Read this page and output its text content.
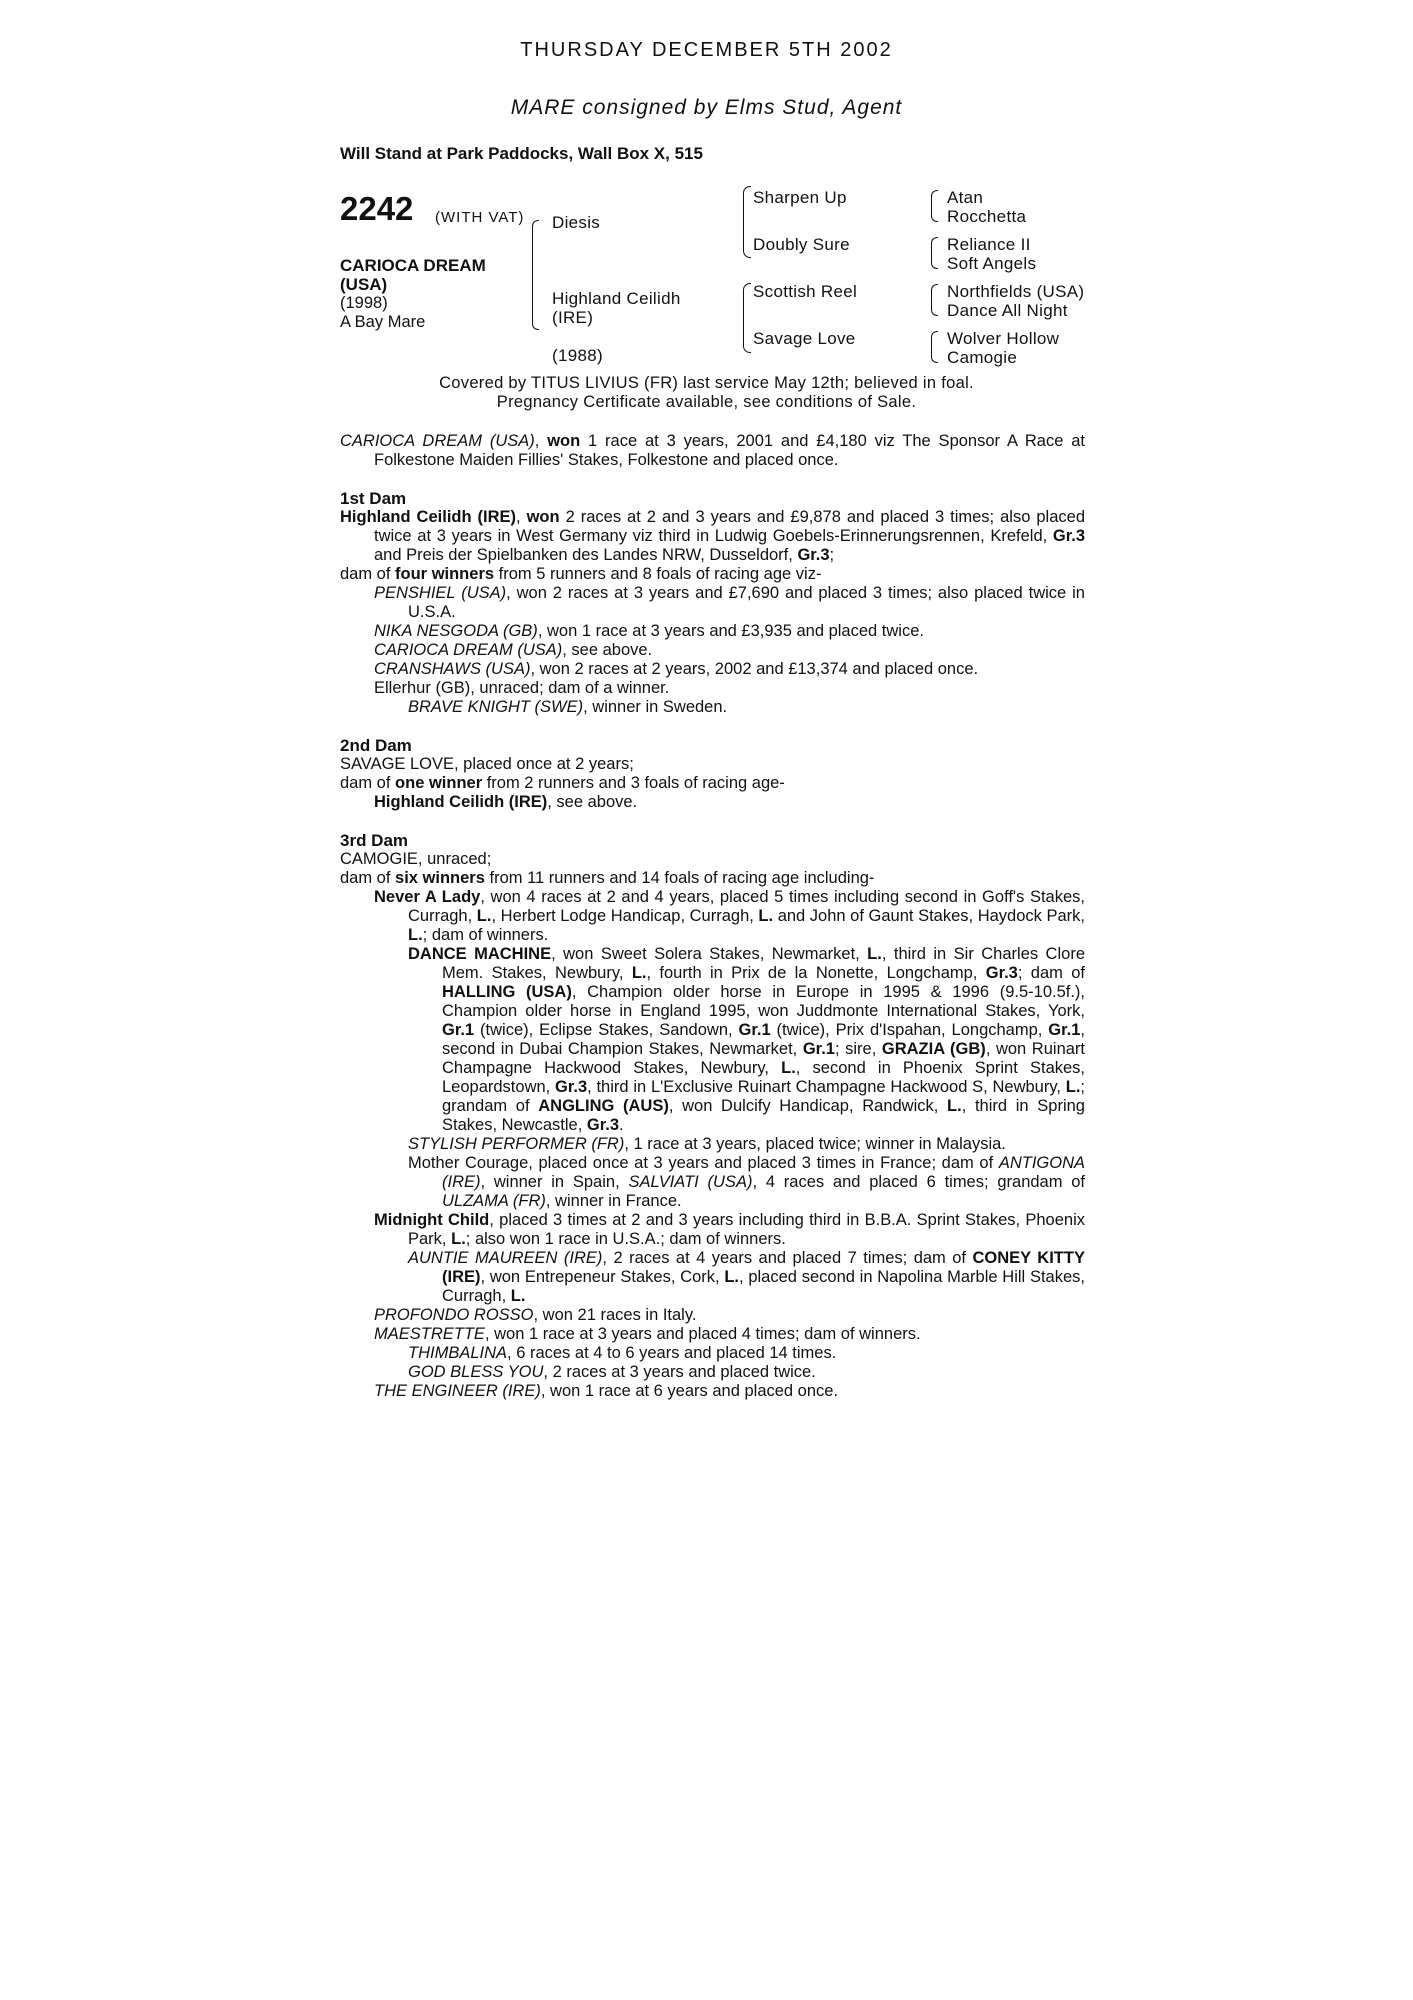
THURSDAY DECEMBER 5TH 2002
MARE consigned by Elms Stud, Agent
Will Stand at Park Paddocks, Wall Box X, 515
2242 (WITH VAT)
CARIOCA DREAM
(USA)
(1998)
A Bay Mare
Diesis
Highland Ceilidh
(IRE)
(1988)
Sharpen Up
Doubly Sure
Scottish Reel
Savage Love
Atan
Rocchetta
Reliance II
Soft Angels
Northfields (USA)
Dance All Night
Wolver Hollow
Camogie
Covered by TITUS LIVIUS (FR) last service May 12th; believed in foal.
Pregnancy Certificate available, see conditions of Sale.

CARIOCA DREAM (USA), won 1 race at 3 years, 2001 and £4,180 viz The Sponsor A Race at Folkestone Maiden Fillies' Stakes, Folkestone and placed once.

1st Dam

Highland Ceilidh (IRE), won 2 races at 2 and 3 years and £9,878 and placed 3 times; also placed twice at 3 years in West Germany viz third in Ludwig Goebels-Erinnerungsrennen, Krefeld, Gr.3 and Preis der Spielbanken des Landes NRW, Dusseldorf, Gr.3;

dam of four winners from 5 runners and 8 foals of racing age viz-

PENSHIEL (USA), won 2 races at 3 years and £7,690 and placed 3 times; also placed twice in U.S.A.

NIKA NESGODA (GB), won 1 race at 3 years and £3,935 and placed twice.

CARIOCA DREAM (USA), see above.

CRANSHAWS (USA), won 2 races at 2 years, 2002 and £13,374 and placed once.

Ellerhur (GB), unraced; dam of a winner.

BRAVE KNIGHT (SWE), winner in Sweden.

2nd Dam

SAVAGE LOVE, placed once at 2 years;

dam of one winner from 2 runners and 3 foals of racing age-

Highland Ceilidh (IRE), see above.

3rd Dam

CAMOGIE, unraced;

dam of six winners from 11 runners and 14 foals of racing age including-

Never A Lady, won 4 races at 2 and 4 years, placed 5 times including second in Goff's Stakes, Curragh, L., Herbert Lodge Handicap, Curragh, L. and John of Gaunt Stakes, Haydock Park, L.; dam of winners.

DANCE MACHINE, won Sweet Solera Stakes, Newmarket, L., third in Sir Charles Clore Mem. Stakes, Newbury, L., fourth in Prix de la Nonette, Longchamp, Gr.3; dam of HALLING (USA), Champion older horse in Europe in 1995 & 1996 (9.5-10.5f.), Champion older horse in England 1995, won Juddmonte International Stakes, York, Gr.1 (twice), Eclipse Stakes, Sandown, Gr.1 (twice), Prix d'Ispahan, Longchamp, Gr.1, second in Dubai Champion Stakes, Newmarket, Gr.1; sire, GRAZIA (GB), won Ruinart Champagne Hackwood Stakes, Newbury, L., second in Phoenix Sprint Stakes, Leopardstown, Gr.3, third in L'Exclusive Ruinart Champagne Hackwood S, Newbury, L.; grandam of ANGLING (AUS), won Dulcify Handicap, Randwick, L., third in Spring Stakes, Newcastle, Gr.3.

STYLISH PERFORMER (FR), 1 race at 3 years, placed twice; winner in Malaysia.

Mother Courage, placed once at 3 years and placed 3 times in France; dam of ANTIGONA (IRE), winner in Spain, SALVIATI (USA), 4 races and placed 6 times; grandam of ULZAMA (FR), winner in France.

Midnight Child, placed 3 times at 2 and 3 years including third in B.B.A. Sprint Stakes, Phoenix Park, L.; also won 1 race in U.S.A.; dam of winners.

AUNTIE MAUREEN (IRE), 2 races at 4 years and placed 7 times; dam of CONEY KITTY (IRE), won Entrepeneur Stakes, Cork, L., placed second in Napolina Marble Hill Stakes, Curragh, L.

PROFONDO ROSSO, won 21 races in Italy.

MAESTRETTE, won 1 race at 3 years and placed 4 times; dam of winners.

THIMBALINA, 6 races at 4 to 6 years and placed 14 times.

GOD BLESS YOU, 2 races at 3 years and placed twice.

THE ENGINEER (IRE), won 1 race at 6 years and placed once.
